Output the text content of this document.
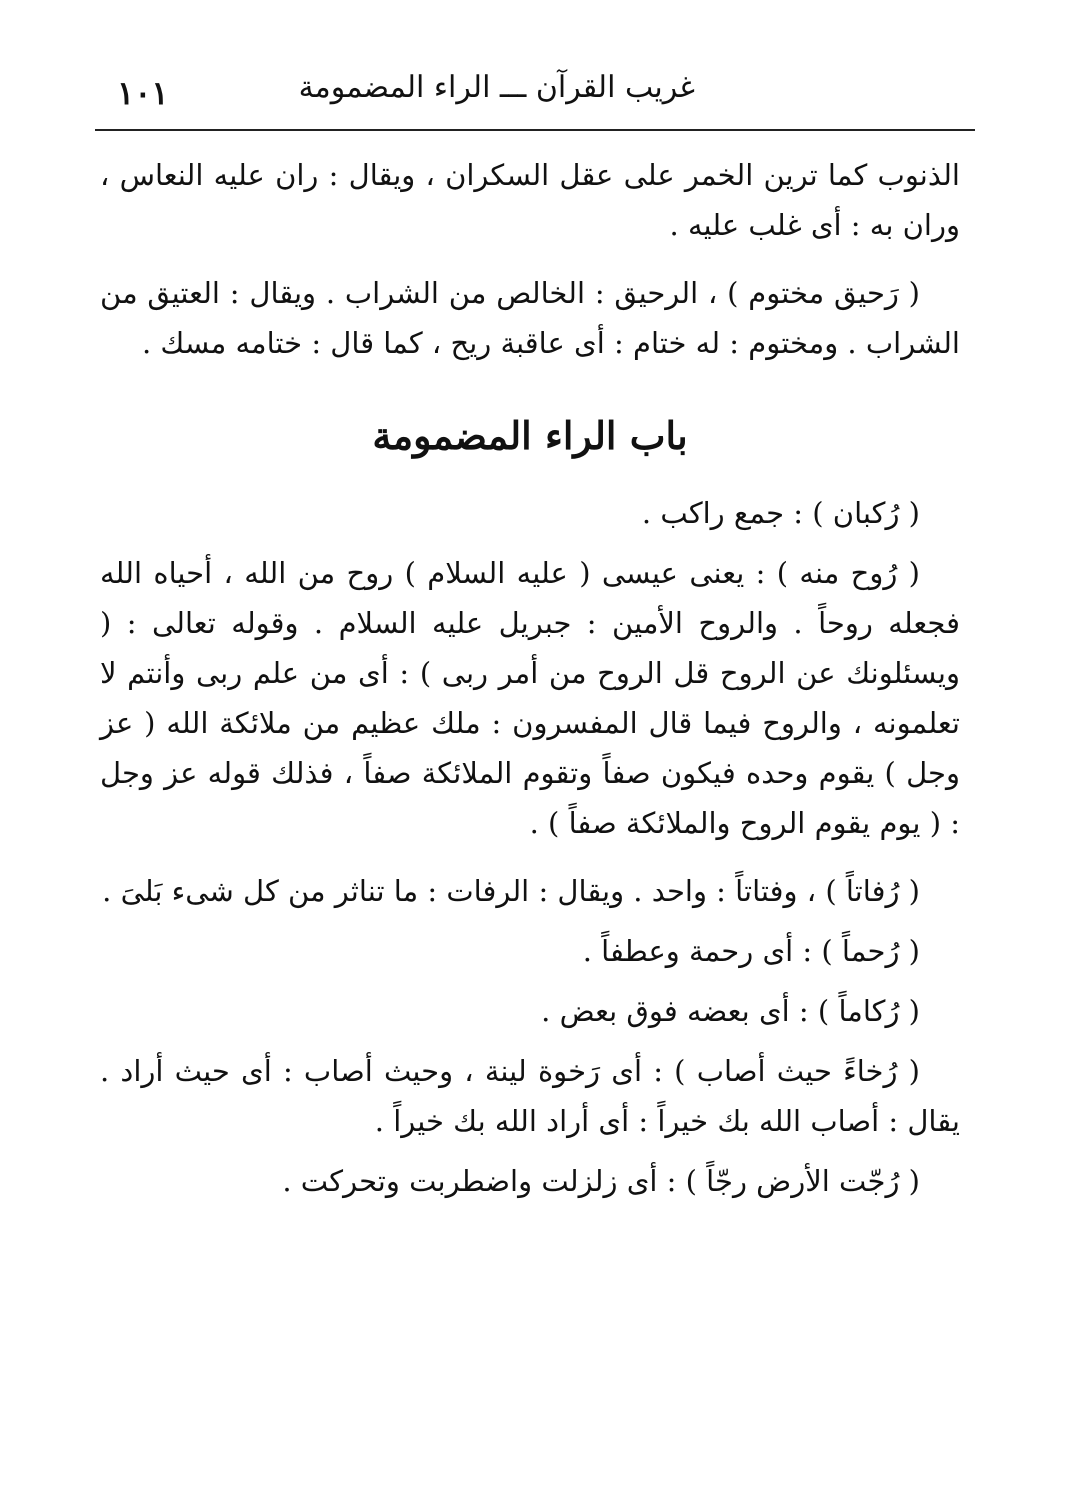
١٠١	غريب القرآن ـــ الراء المضمومة

الذنوب كما ترين الخمر على عقل السكران ، ويقال : ران عليه النعاس ، وران به : أى غلب عليه .

( رَحيق مختوم ) ، الرحيق : الخالص من الشراب . ويقال : العتيق من الشراب . ومختوم : له ختام : أى عاقبة ريح ، كما قال : ختامه مسك .

باب الراء المضمومة

( رُكبان ) : جمع راكب .

( رُوح منه ) : يعنى عيسى ( عليه السلام ) روح من الله ، أحياه الله فجعله روحاً . والروح الأمين : جبريل عليه السلام . وقوله تعالى : ( ويسئلونك عن الروح قل الروح من أمر ربى ) : أى من علم ربى وأنتم لا تعلمونه ، والروح فيما قال المفسرون : ملك عظيم من ملائكة الله ( عز وجل ) يقوم وحده فيكون صفاً وتقوم الملائكة صفاً ، فذلك قوله عز وجل : ( يوم يقوم الروح والملائكة صفاً ) .

( رُفاتاً ) ، وفتاتاً : واحد . ويقال : الرفات : ما تناثر من كل شىء بَلىَ .

( رُحماً ) : أى رحمة وعطفاً .

( رُكاماً ) : أى بعضه فوق بعض .

( رُخاءً حيث أصاب ) : أى رَخوة لينة ، وحيث أصاب : أى حيث أراد . يقال : أصاب الله بك خيراً : أى أراد الله بك خيراً .

( رُجّت الأرض رجّاً ) : أى زلزلت واضطربت وتحركت .
